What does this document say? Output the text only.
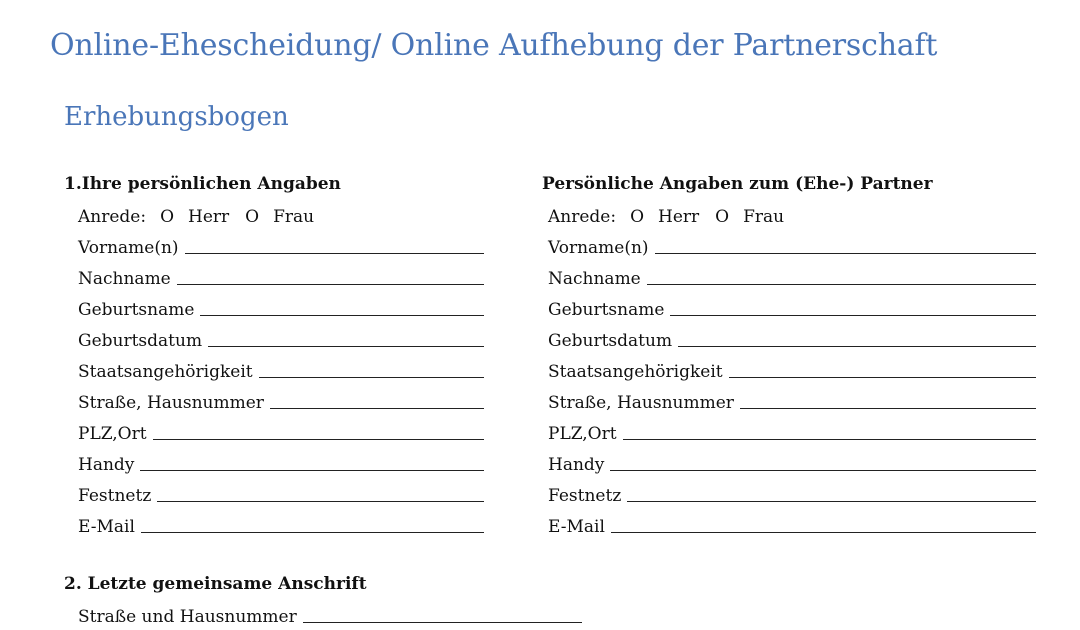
Online-Ehescheidung/ Online Aufhebung der Partnerschaft
Erhebungsbogen
1.Ihre persönlichen Angaben
Anrede: O Herr O Frau
Vorname(n)
Nachname
Geburtsname
Geburtsdatum
Staatsangehörigkeit
Straße, Hausnummer
PLZ,Ort
Handy
Festnetz
E-Mail
Persönliche Angaben zum (Ehe-) Partner
Anrede: O Herr O Frau
Vorname(n)
Nachname
Geburtsname
Geburtsdatum
Staatsangehörigkeit
Straße, Hausnummer
PLZ,Ort
Handy
Festnetz
E-Mail
2. Letzte gemeinsame Anschrift
Straße und Hausnummer
